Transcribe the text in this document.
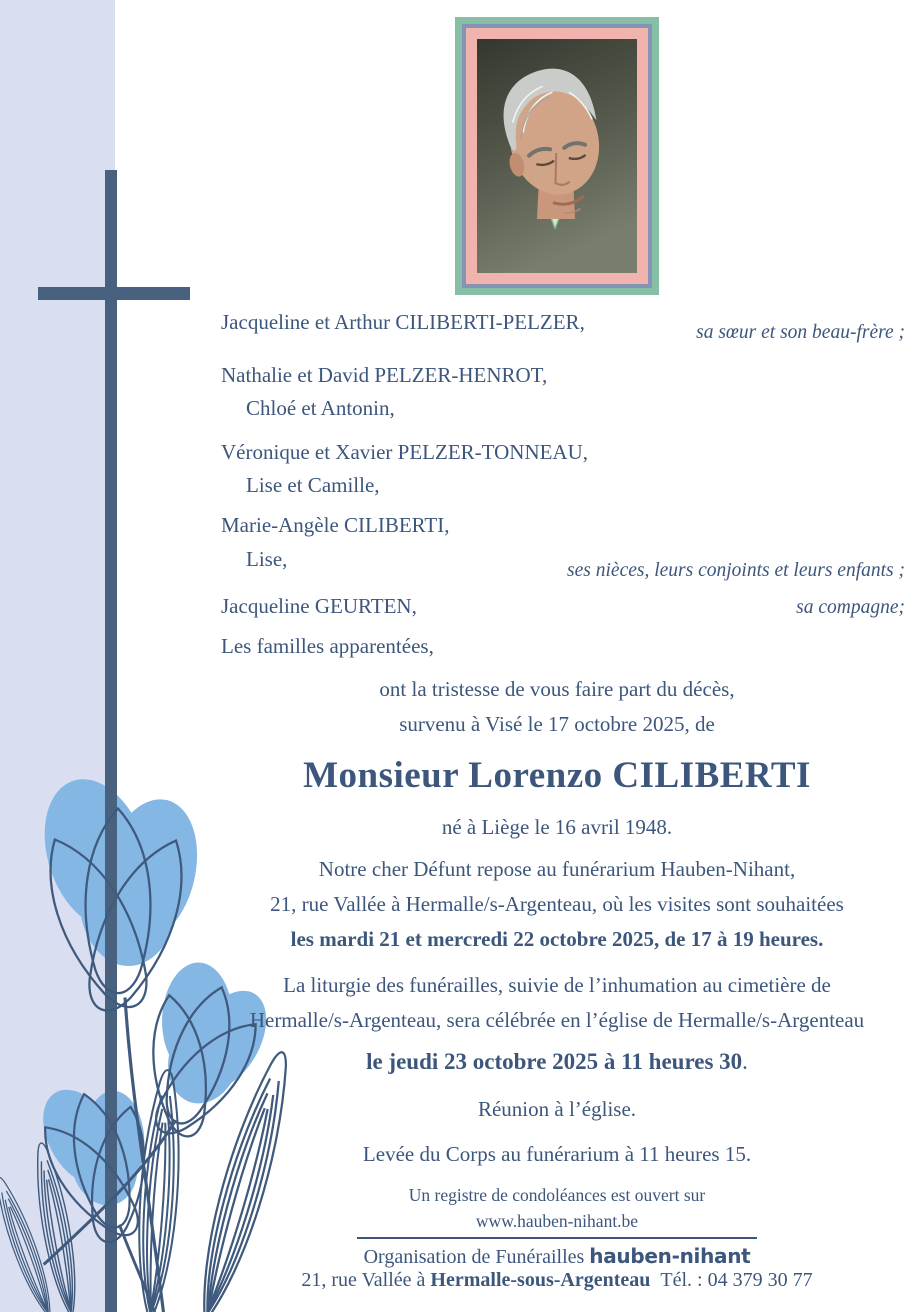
Jacqueline et Arthur CILIBERTI-PELZER,	sa sœur et son beau-frère ;
Nathalie et David PELZER-HENROT,
Chloé et Antonin,
Véronique et Xavier PELZER-TONNEAU,
Lise et Camille,
Marie-Angèle CILIBERTI,
Lise,	ses nièces, leurs conjoints et leurs enfants ;
Jacqueline GEURTEN,	sa compagne;
Les familles apparentées,
ont la tristesse de vous faire part du décès,
survenu à Visé le 17 octobre 2025, de
Monsieur Lorenzo CILIBERTI
né à Liège le 16 avril 1948.
Notre cher Défunt repose au funérarium Hauben-Nihant,
21, rue Vallée à Hermalle/s-Argenteau, où les visites sont souhaitées
les mardi 21 et mercredi 22 octobre 2025, de 17 à 19 heures.
La liturgie des funérailles, suivie de l’inhumation au cimetière de
Hermalle/s-Argenteau, sera célébrée en l’église de Hermalle/s-Argenteau
le jeudi 23 octobre 2025 à 11 heures 30.
Réunion à l’église.
Levée du Corps au funérarium à 11 heures 15.
Un registre de condoléances est ouvert sur
www.hauben-nihant.be
Organisation de Funérailles hauben-nihant
21, rue Vallée à Hermalle-sous-Argenteau Tél. : 04 379 30 77
